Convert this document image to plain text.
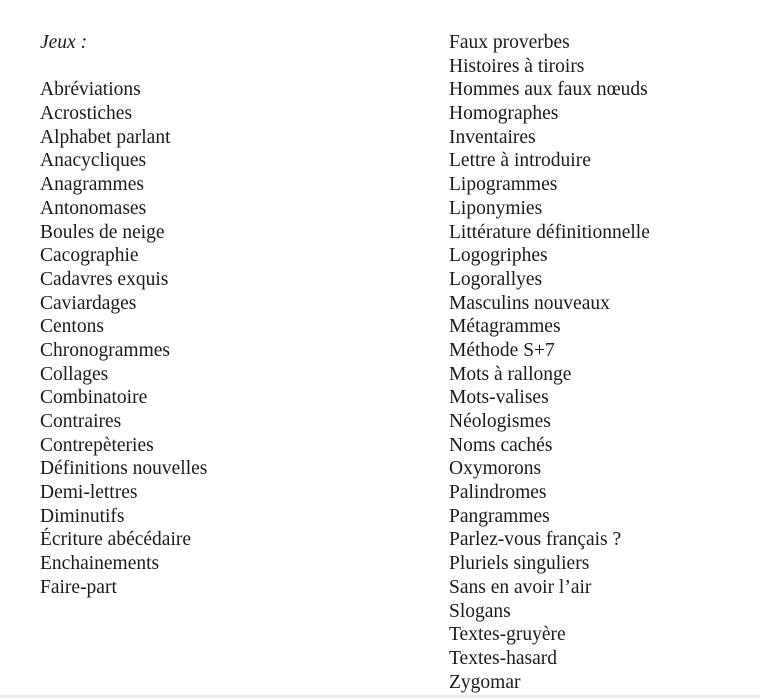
Jeux :
Abréviations
Acrostiches
Alphabet parlant
Anacycliques
Anagrammes
Antonomases
Boules de neige
Cacographie
Cadavres exquis
Caviardages
Centons
Chronogrammes
Collages
Combinatoire
Contraires
Contrepèteries
Définitions nouvelles
Demi-lettres
Diminutifs
Écriture abécédaire
Enchainements
Faire-part
Faux proverbes
Histoires à tiroirs
Hommes aux faux nœuds
Homographes
Inventaires
Lettre à introduire
Lipogrammes
Liponymies
Littérature définitionnelle
Logogriphes
Logorallyes
Masculins nouveaux
Métagrammes
Méthode S+7
Mots à rallonge
Mots-valises
Néologismes
Noms cachés
Oxymorons
Palindromes
Pangrammes
Parlez-vous français ?
Pluriels singuliers
Sans en avoir l’air
Slogans
Textes-gruyère
Textes-hasard
Zygomar
